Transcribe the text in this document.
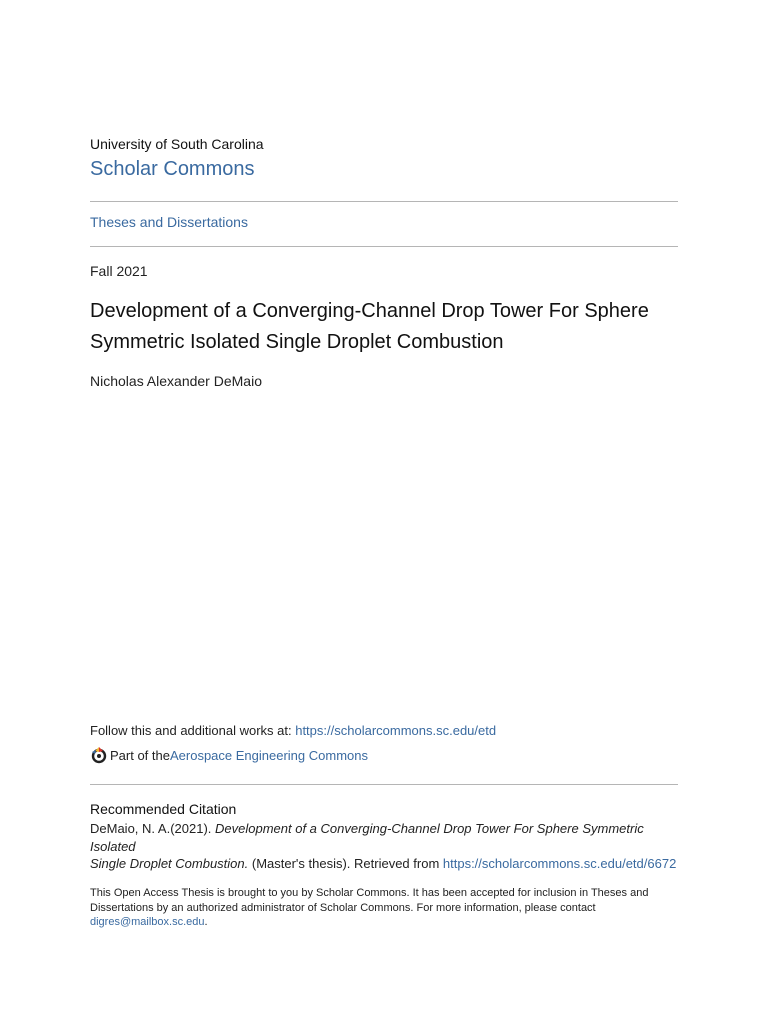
University of South Carolina
Scholar Commons
Theses and Dissertations
Fall 2021
Development of a Converging-Channel Drop Tower For Sphere
Symmetric Isolated Single Droplet Combustion
Nicholas Alexander DeMaio
Follow this and additional works at: https://scholarcommons.sc.edu/etd
Part of the Aerospace Engineering Commons
Recommended Citation
DeMaio, N. A.(2021). Development of a Converging-Channel Drop Tower For Sphere Symmetric Isolated
Single Droplet Combustion. (Master's thesis). Retrieved from https://scholarcommons.sc.edu/etd/6672
This Open Access Thesis is brought to you by Scholar Commons. It has been accepted for inclusion in Theses and
Dissertations by an authorized administrator of Scholar Commons. For more information, please contact
digres@mailbox.sc.edu.
